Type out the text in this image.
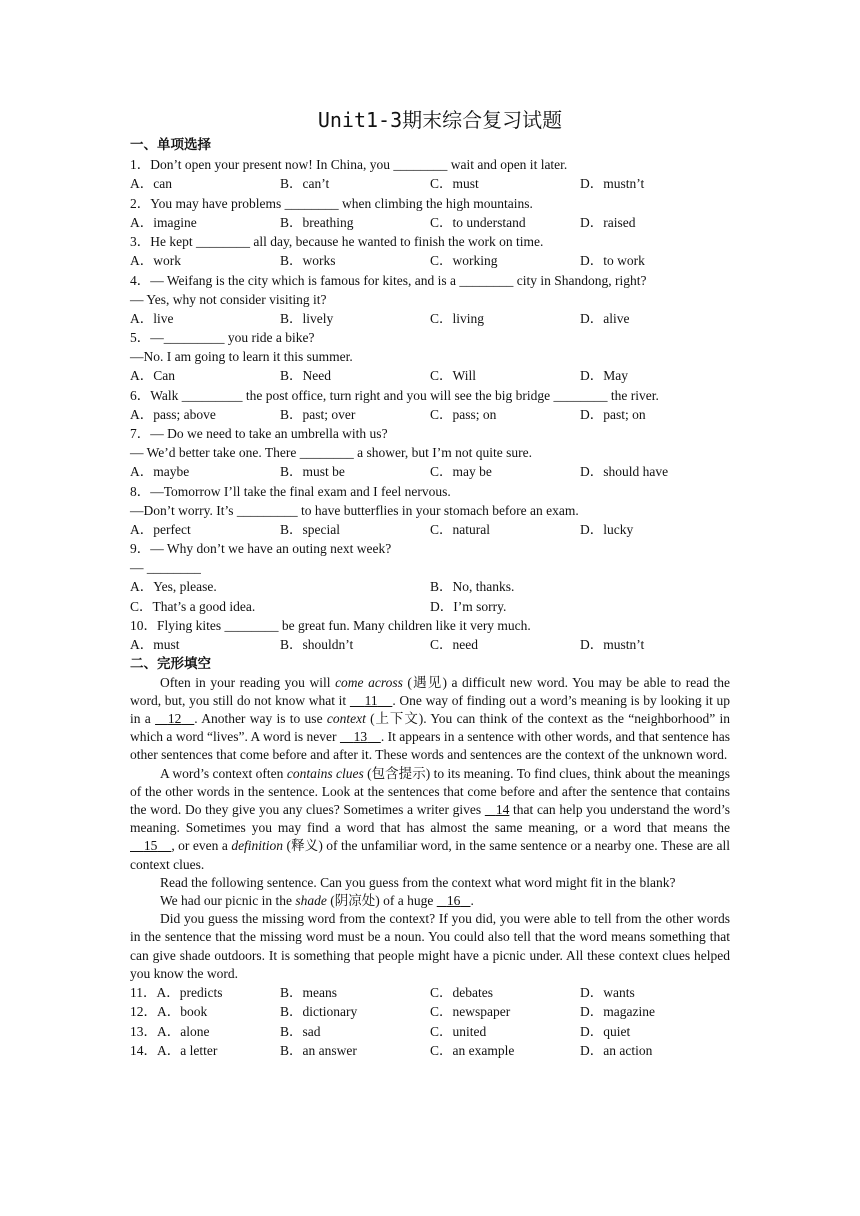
Unit1-3期末综合复习试题
一、单项选择
1．Don’t open your present now! In China, you ________ wait and open it later.
A．can	B．can’t	C．must	D．mustn’t
2．You may have problems ________ when climbing the high mountains.
A．imagine	B．breathing	C．to understand	D．raised
3．He kept ________ all day, because he wanted to finish the work on time.
A．work	B．works	C．working	D．to work
4．— Weifang is the city which is famous for kites, and is a ________ city in Shandong, right?
— Yes, why not consider visiting it?
A．live	B．lively	C．living	D．alive
5．—_________ you ride a bike?
—No. I am going to learn it this summer.
A．Can	B．Need	C．Will	D．May
6．Walk _________ the post office, turn right and you will see the big bridge ________ the river.
A．pass; above	B．past; over	C．pass; on	D．past; on
7．— Do we need to take an umbrella with us?
— We’d better take one. There ________ a shower, but I’m not quite sure.
A．maybe	B．must be	C．may be	D．should have
8．—Tomorrow I’ll take the final exam and I feel nervous.
—Don’t worry. It’s _________ to have butterflies in your stomach before an exam.
A．perfect	B．special	C．natural	D．lucky
9．— Why don’t we have an outing next week?
— ________
A．Yes, please.	B．No, thanks.
C．That’s a good idea.	D．I’m sorry.
10．Flying kites ________ be great fun. Many children like it very much.
A．must	B．shouldn’t	C．need	D．mustn’t
二、完形填空

Often in your reading you will come across (遇见) a difficult new word. You may be able to read the word, but, you still do not know what it     11 . One way of finding out a word’s meaning is by looking it up in a    12 . Another way is to use context (上下文). You can think of the context as the “neighborhood” in which a word “lives”. A word is never     13 . It appears in a sentence with other words, and that sentence has other sentences that come before and after it. These words and sentences are the context of the unknown word.

A word’s context often contains clues (包含提示) to its meaning. To find clues, think about the meanings of the other words in the sentence. Look at the sentences that come before and after the sentence that contains the word. Do they give you any clues? Sometimes a writer gives    14 that can help you understand the word’s meaning. Sometimes you may find a word that has almost the same meaning, or a word that means the     15 , or even a definition (释义) of the unfamiliar word, in the same sentence or a nearby one. These are all context clues.

Read the following sentence. Can you guess from the context what word might fit in the blank?

We had our picnic in the shade (阴凉处) of a huge    16 .

Did you guess the missing word from the context? If you did, you were able to tell from the other words in the sentence that the missing word must be a noun. You could also tell that the word means something that can give shade outdoors. It is something that people might have a picnic under. All these context clues helped you know the word.

11．A．predicts	B．means	C．debates	D．wants
12．A．book	B．dictionary	C．newspaper	D．magazine
13．A．alone	B．sad	C．united	D．quiet
14．A．a letter	B．an answer	C．an example	D．an action
